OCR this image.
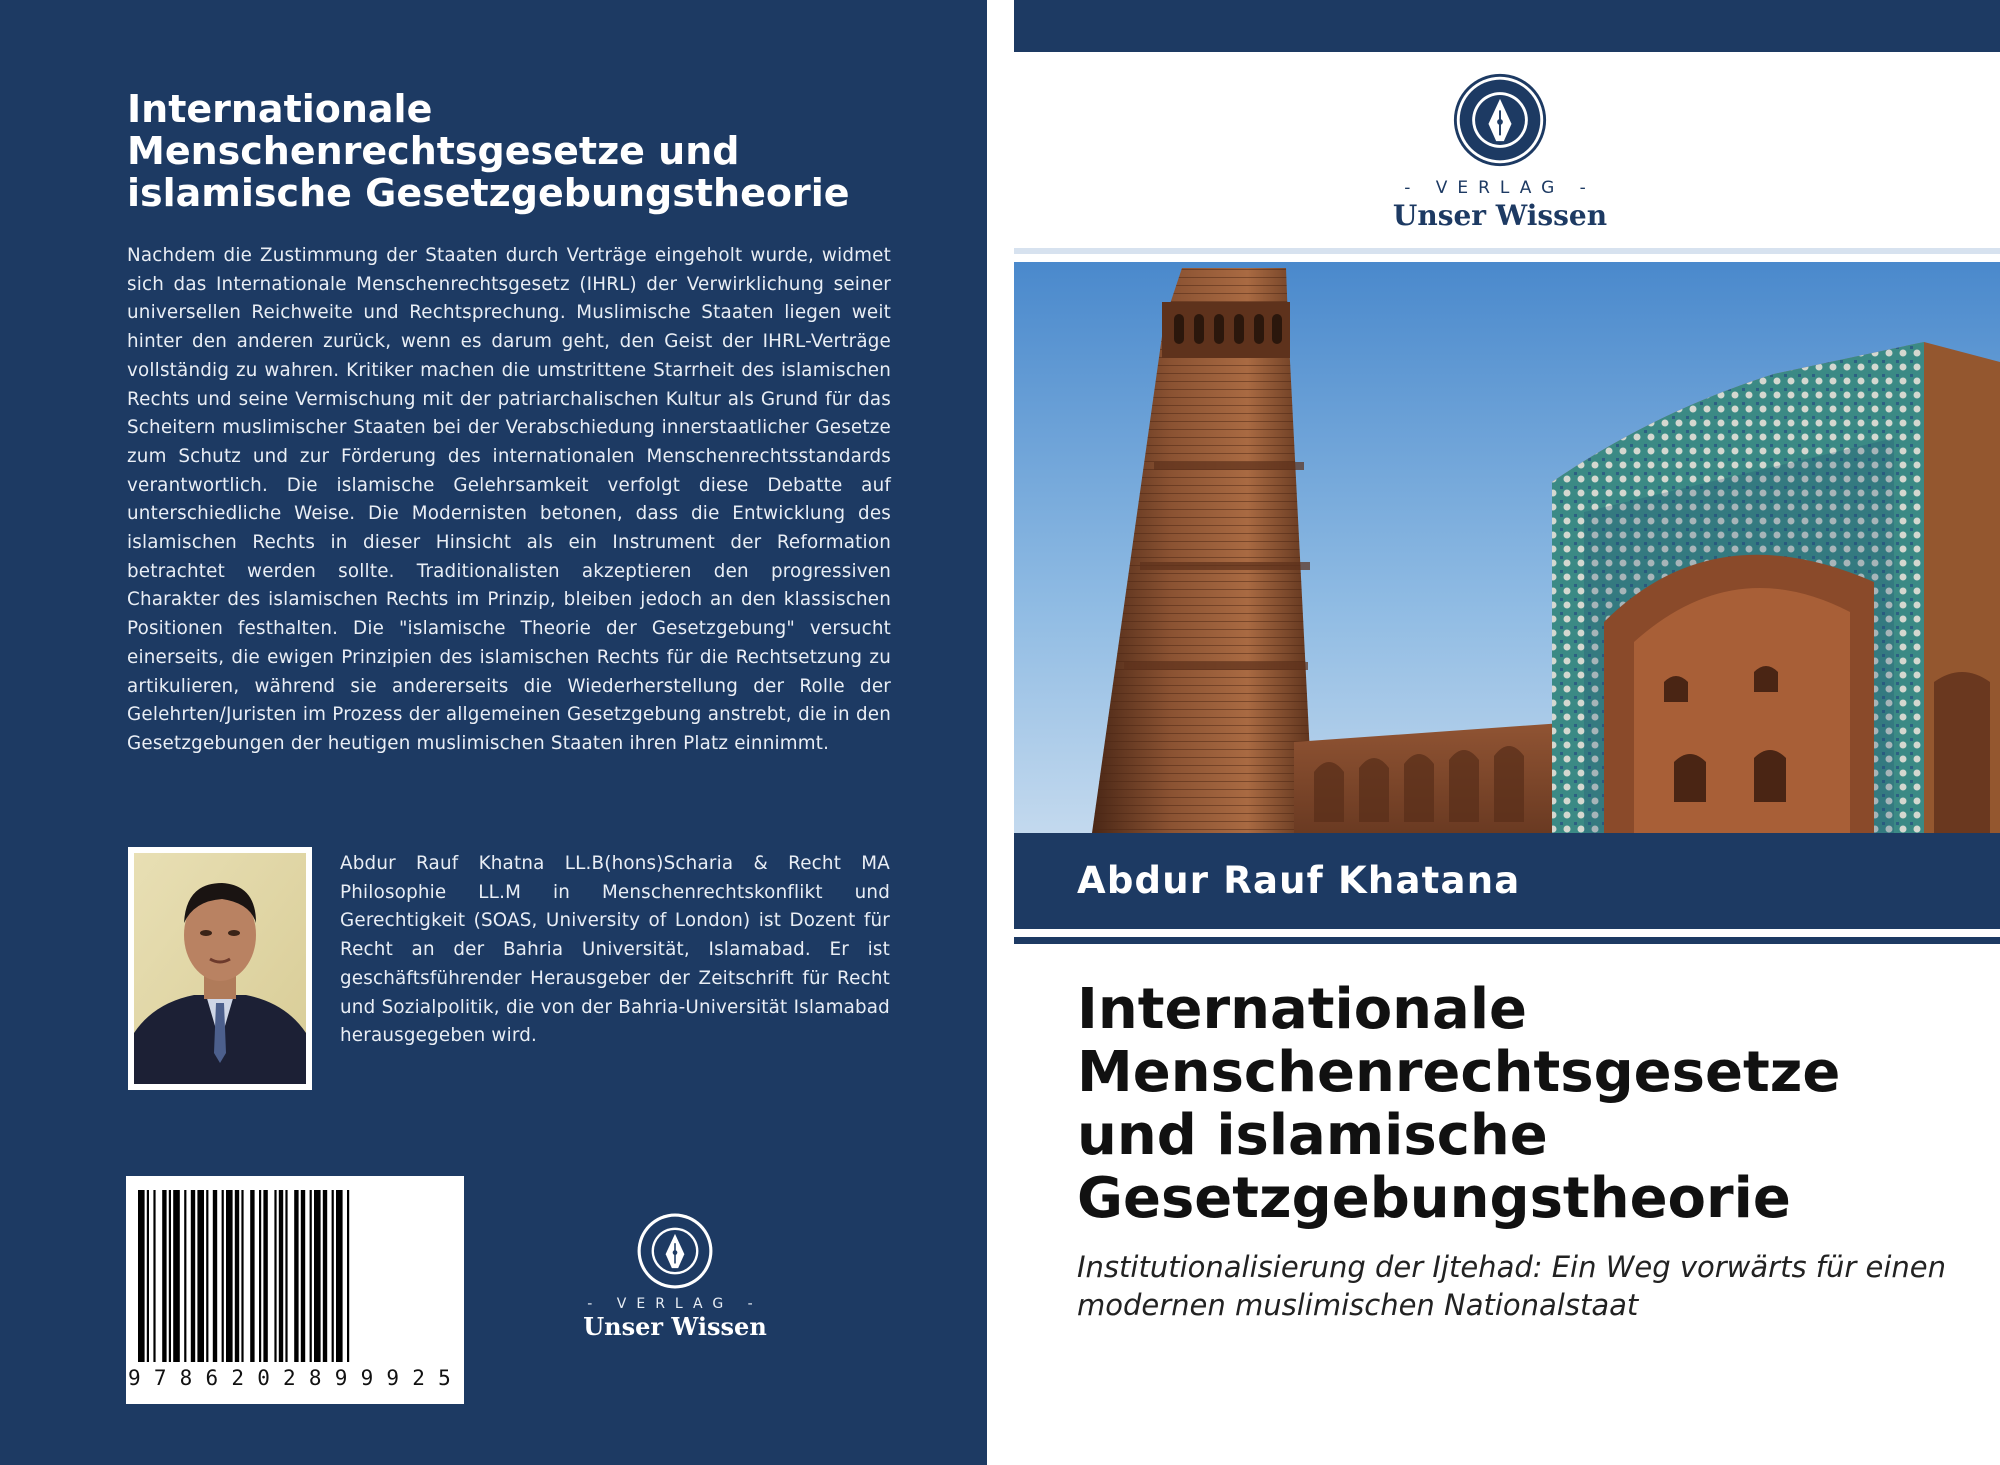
Internationale Menschenrechtsgesetze und islamische Gesetzgebungstheorie
Nachdem die Zustimmung der Staaten durch Verträge eingeholt wurde, widmet sich das Internationale Menschenrechtsgesetz (IHRL) der Verwirklichung seiner universellen Reichweite und Rechtsprechung. Muslimische Staaten liegen weit hinter den anderen zurück, wenn es darum geht, den Geist der IHRL-Verträge vollständig zu wahren. Kritiker machen die umstrittene Starrheit des islamischen Rechts und seine Vermischung mit der patriarchalischen Kultur als Grund für das Scheitern muslimischer Staaten bei der Verabschiedung innerstaatlicher Gesetze zum Schutz und zur Förderung des internationalen Menschenrechtsstandards verantwortlich. Die islamische Gelehrsamkeit verfolgt diese Debatte auf unterschiedliche Weise. Die Modernisten betonen, dass die Entwicklung des islamischen Rechts in dieser Hinsicht als ein Instrument der Reformation betrachtet werden sollte. Traditionalisten akzeptieren den progressiven Charakter des islamischen Rechts im Prinzip, bleiben jedoch an den klassischen Positionen festhalten. Die "islamische Theorie der Gesetzgebung" versucht einerseits, die ewigen Prinzipien des islamischen Rechts für die Rechtsetzung zu artikulieren, während sie andererseits die Wiederherstellung der Rolle der Gelehrten/Juristen im Prozess der allgemeinen Gesetzgebung anstrebt, die in den Gesetzgebungen der heutigen muslimischen Staaten ihren Platz einnimmt.
Abdur Rauf Khatna LL.B(hons)Scharia & Recht MA Philosophie LL.M in Menschenrechtskonflikt und Gerechtigkeit (SOAS, University of London) ist Dozent für Recht an der Bahria Universität, Islamabad. Er ist geschäftsführender Herausgeber der Zeitschrift für Recht und Sozialpolitik, die von der Bahria-Universität Islamabad herausgegeben wird.
9786202899925
- VERLAG -
Unser Wissen
- VERLAG -
Unser Wissen
Abdur Rauf Khatana
Internationale Menschenrechtsgesetze und islamische Gesetzgebungstheorie
Institutionalisierung der Ijtehad: Ein Weg vorwärts für einen modernen muslimischen Nationalstaat
